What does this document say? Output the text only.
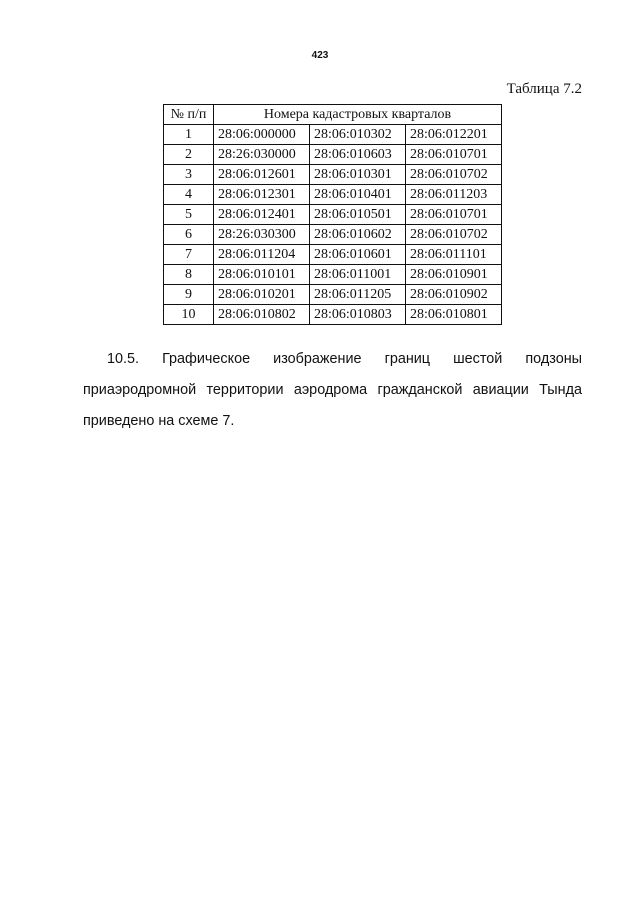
423
Таблица 7.2
№ п/п	Номера кадастровых кварталов		
1	28:06:000000	28:06:010302	28:06:012201
2	28:26:030000	28:06:010603	28:06:010701
3	28:06:012601	28:06:010301	28:06:010702
4	28:06:012301	28:06:010401	28:06:011203
5	28:06:012401	28:06:010501	28:06:010701
6	28:26:030300	28:06:010602	28:06:010702
7	28:06:011204	28:06:010601	28:06:011101
8	28:06:010101	28:06:011001	28:06:010901
9	28:06:010201	28:06:011205	28:06:010902
10	28:06:010802	28:06:010803	28:06:010801

10.5. Графическое изображение границ шестой подзоны приаэродромной территории аэродрома гражданской авиации Тында приведено на схеме 7.
